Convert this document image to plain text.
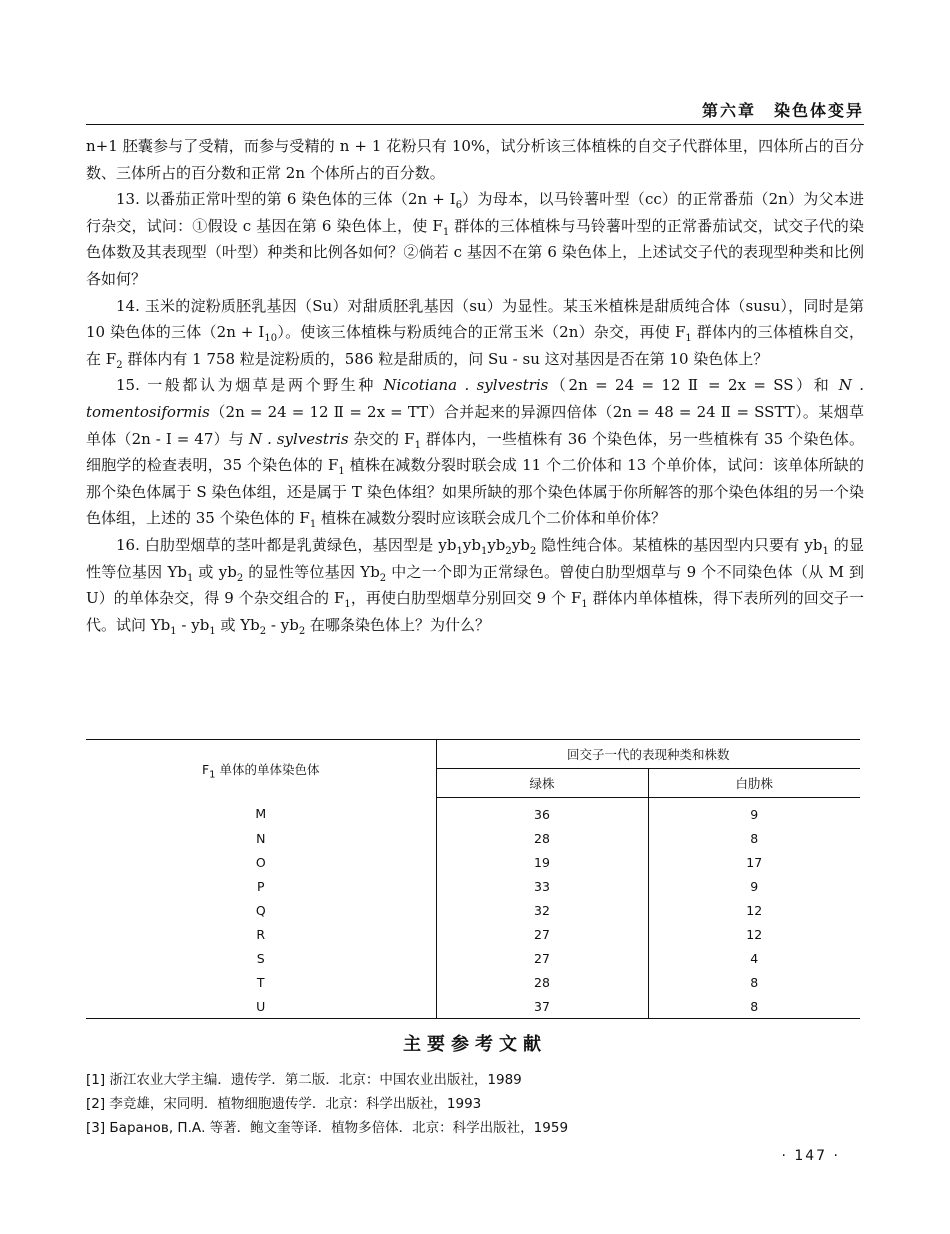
第六章　染色体变异

n+1 胚囊参与了受精，而参与受精的 n + 1 花粉只有 10%，试分析该三体植株的自交子代群体里，四体所占的百分数、三体所占的百分数和正常 2n 个体所占的百分数。

13. 以番茄正常叶型的第 6 染色体的三体$(2n + I_6)$为母本，以马铃薯叶型（cc）的正常番茄（2n）为父本进行杂交，试问：①假设 c 基因在第 6 染色体上，使 $F_1$ 群体的三体植株与马铃薯叶型的正常番茄试交，试交子代的染色体数及其表现型（叶型）种类和比例各如何？②倘若 c 基因不在第 6 染色体上，上述试交子代的表现型种类和比例各如何？

14. 玉米的淀粉质胚乳基因（Su）对甜质胚乳基因（su）为显性。某玉米植株是甜质纯合体（susu），同时是第 10 染色体的三体$(2n + I_{10})$。使该三体植株与粉质纯合的正常玉米（2n）杂交，再使 $F_1$ 群体内的三体植株自交，在 $F_2$ 群体内有 1 758 粒是淀粉质的，586 粒是甜质的，问 Su - su 这对基因是否在第 10 染色体上？

15. 一般都认为烟草是两个野生种 Nicotiana . sylvestris（2n = 24 = 12 Ⅱ = 2x = SS）和 N . tomentosiformis（2n = 24 = 12 Ⅱ = 2x = TT）合并起来的异源四倍体（2n = 48 = 24 Ⅱ = SSTT）。某烟草单体（2n - I = 47）与 N . sylvestris 杂交的 $F_1$ 群体内，一些植株有 36 个染色体，另一些植株有 35 个染色体。细胞学的检查表明，35 个染色体的 $F_1$ 植株在减数分裂时联会成 11 个二价体和 13 个单价体，试问：该单体所缺的那个染色体属于 S 染色体组，还是属于 T 染色体组？如果所缺的那个染色体属于你所解答的那个染色体组的另一个染色体组，上述的 35 个染色体的 $F_1$ 植株在减数分裂时应该联会成几个二价体和单价体？

16. 白肋型烟草的茎叶都是乳黄绿色，基因型是 $yb_1yb_1yb_2yb_2$ 隐性纯合体。某植株的基因型内只要有 $yb_1$ 的显性等位基因 $Yb_1$ 或 $yb_2$ 的显性等位基因 $Yb_2$ 中之一个即为正常绿色。曾使白肋型烟草与 9 个不同染色体（从 M 到 U）的单体杂交，得 9 个杂交组合的 $F_1$，再使白肋型烟草分别回交 9 个 $F_1$ 群体内单体植株，得下表所列的回交子一代。试问 $Yb_1 - yb_1$ 或 $Yb_2 - yb_2$ 在哪条染色体上？为什么？

$F_1$ 单体的单体染色体	回交子一代的表现种类和株数	
	绿株	白肋株
M	36	9
N	28	8
O	19	17
P	33	9
Q	32	12
R	27	12
S	27	4
T	28	8
U	37	8
主要参考文献

[1] 浙江农业大学主编．遗传学．第二版．北京：中国农业出版社，1989

[2] 李竞雄，宋同明．植物细胞遗传学．北京：科学出版社，1993

[3] Баранов, П.А. 等著．鲍文奎等译．植物多倍体．北京：科学出版社，1959

· 147 ·
